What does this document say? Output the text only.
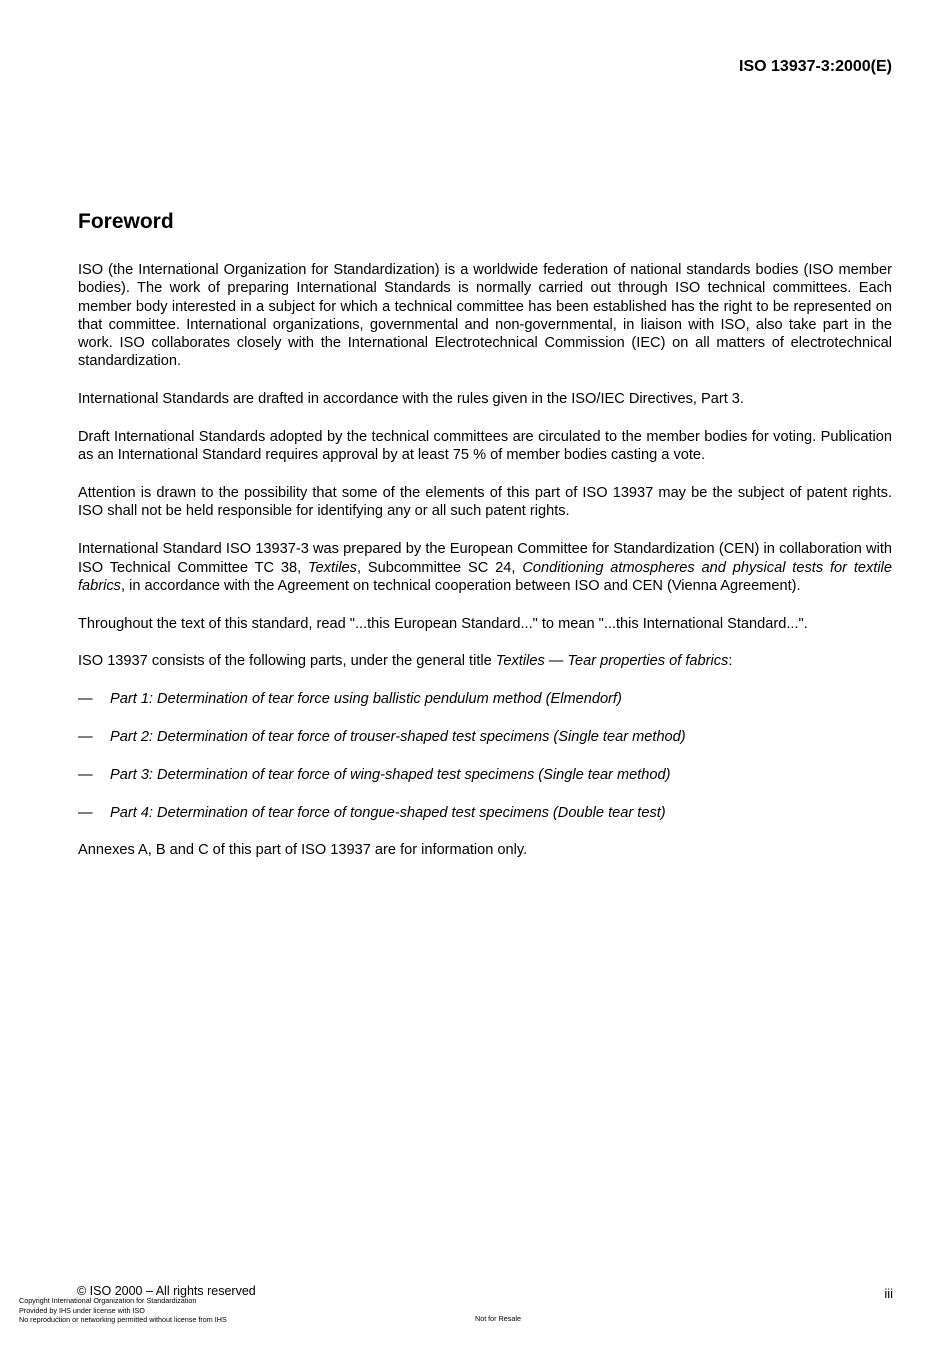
ISO 13937-3:2000(E)
Foreword

ISO (the International Organization for Standardization) is a worldwide federation of national standards bodies (ISO member bodies). The work of preparing International Standards is normally carried out through ISO technical committees. Each member body interested in a subject for which a technical committee has been established has the right to be represented on that committee. International organizations, governmental and non-governmental, in liaison with ISO, also take part in the work. ISO collaborates closely with the International Electrotechnical Commission (IEC) on all matters of electrotechnical standardization.

International Standards are drafted in accordance with the rules given in the ISO/IEC Directives, Part 3.

Draft International Standards adopted by the technical committees are circulated to the member bodies for voting. Publication as an International Standard requires approval by at least 75 % of member bodies casting a vote.

Attention is drawn to the possibility that some of the elements of this part of ISO 13937 may be the subject of patent rights. ISO shall not be held responsible for identifying any or all such patent rights.

International Standard ISO 13937-3 was prepared by the European Committee for Standardization (CEN) in collaboration with ISO Technical Committee TC 38, Textiles, Subcommittee SC 24, Conditioning atmospheres and physical tests for textile fabrics, in accordance with the Agreement on technical cooperation between ISO and CEN (Vienna Agreement).

Throughout the text of this standard, read "...this European Standard..." to mean "...this International Standard...".

ISO 13937 consists of the following parts, under the general title Textiles — Tear properties of fabrics:

— Part 1: Determination of tear force using ballistic pendulum method (Elmendorf)
— Part 2: Determination of tear force of trouser-shaped test specimens (Single tear method)
— Part 3: Determination of tear force of wing-shaped test specimens (Single tear method)
— Part 4: Determination of tear force of tongue-shaped test specimens (Double tear test)

Annexes A, B and C of this part of ISO 13937 are for information only.

© ISO 2000 – All rights reserved	iii
Copyright International Organization for Standardization
Provided by IHS under license with ISO
No reproduction or networking permitted without license from IHS	Not for Resale
